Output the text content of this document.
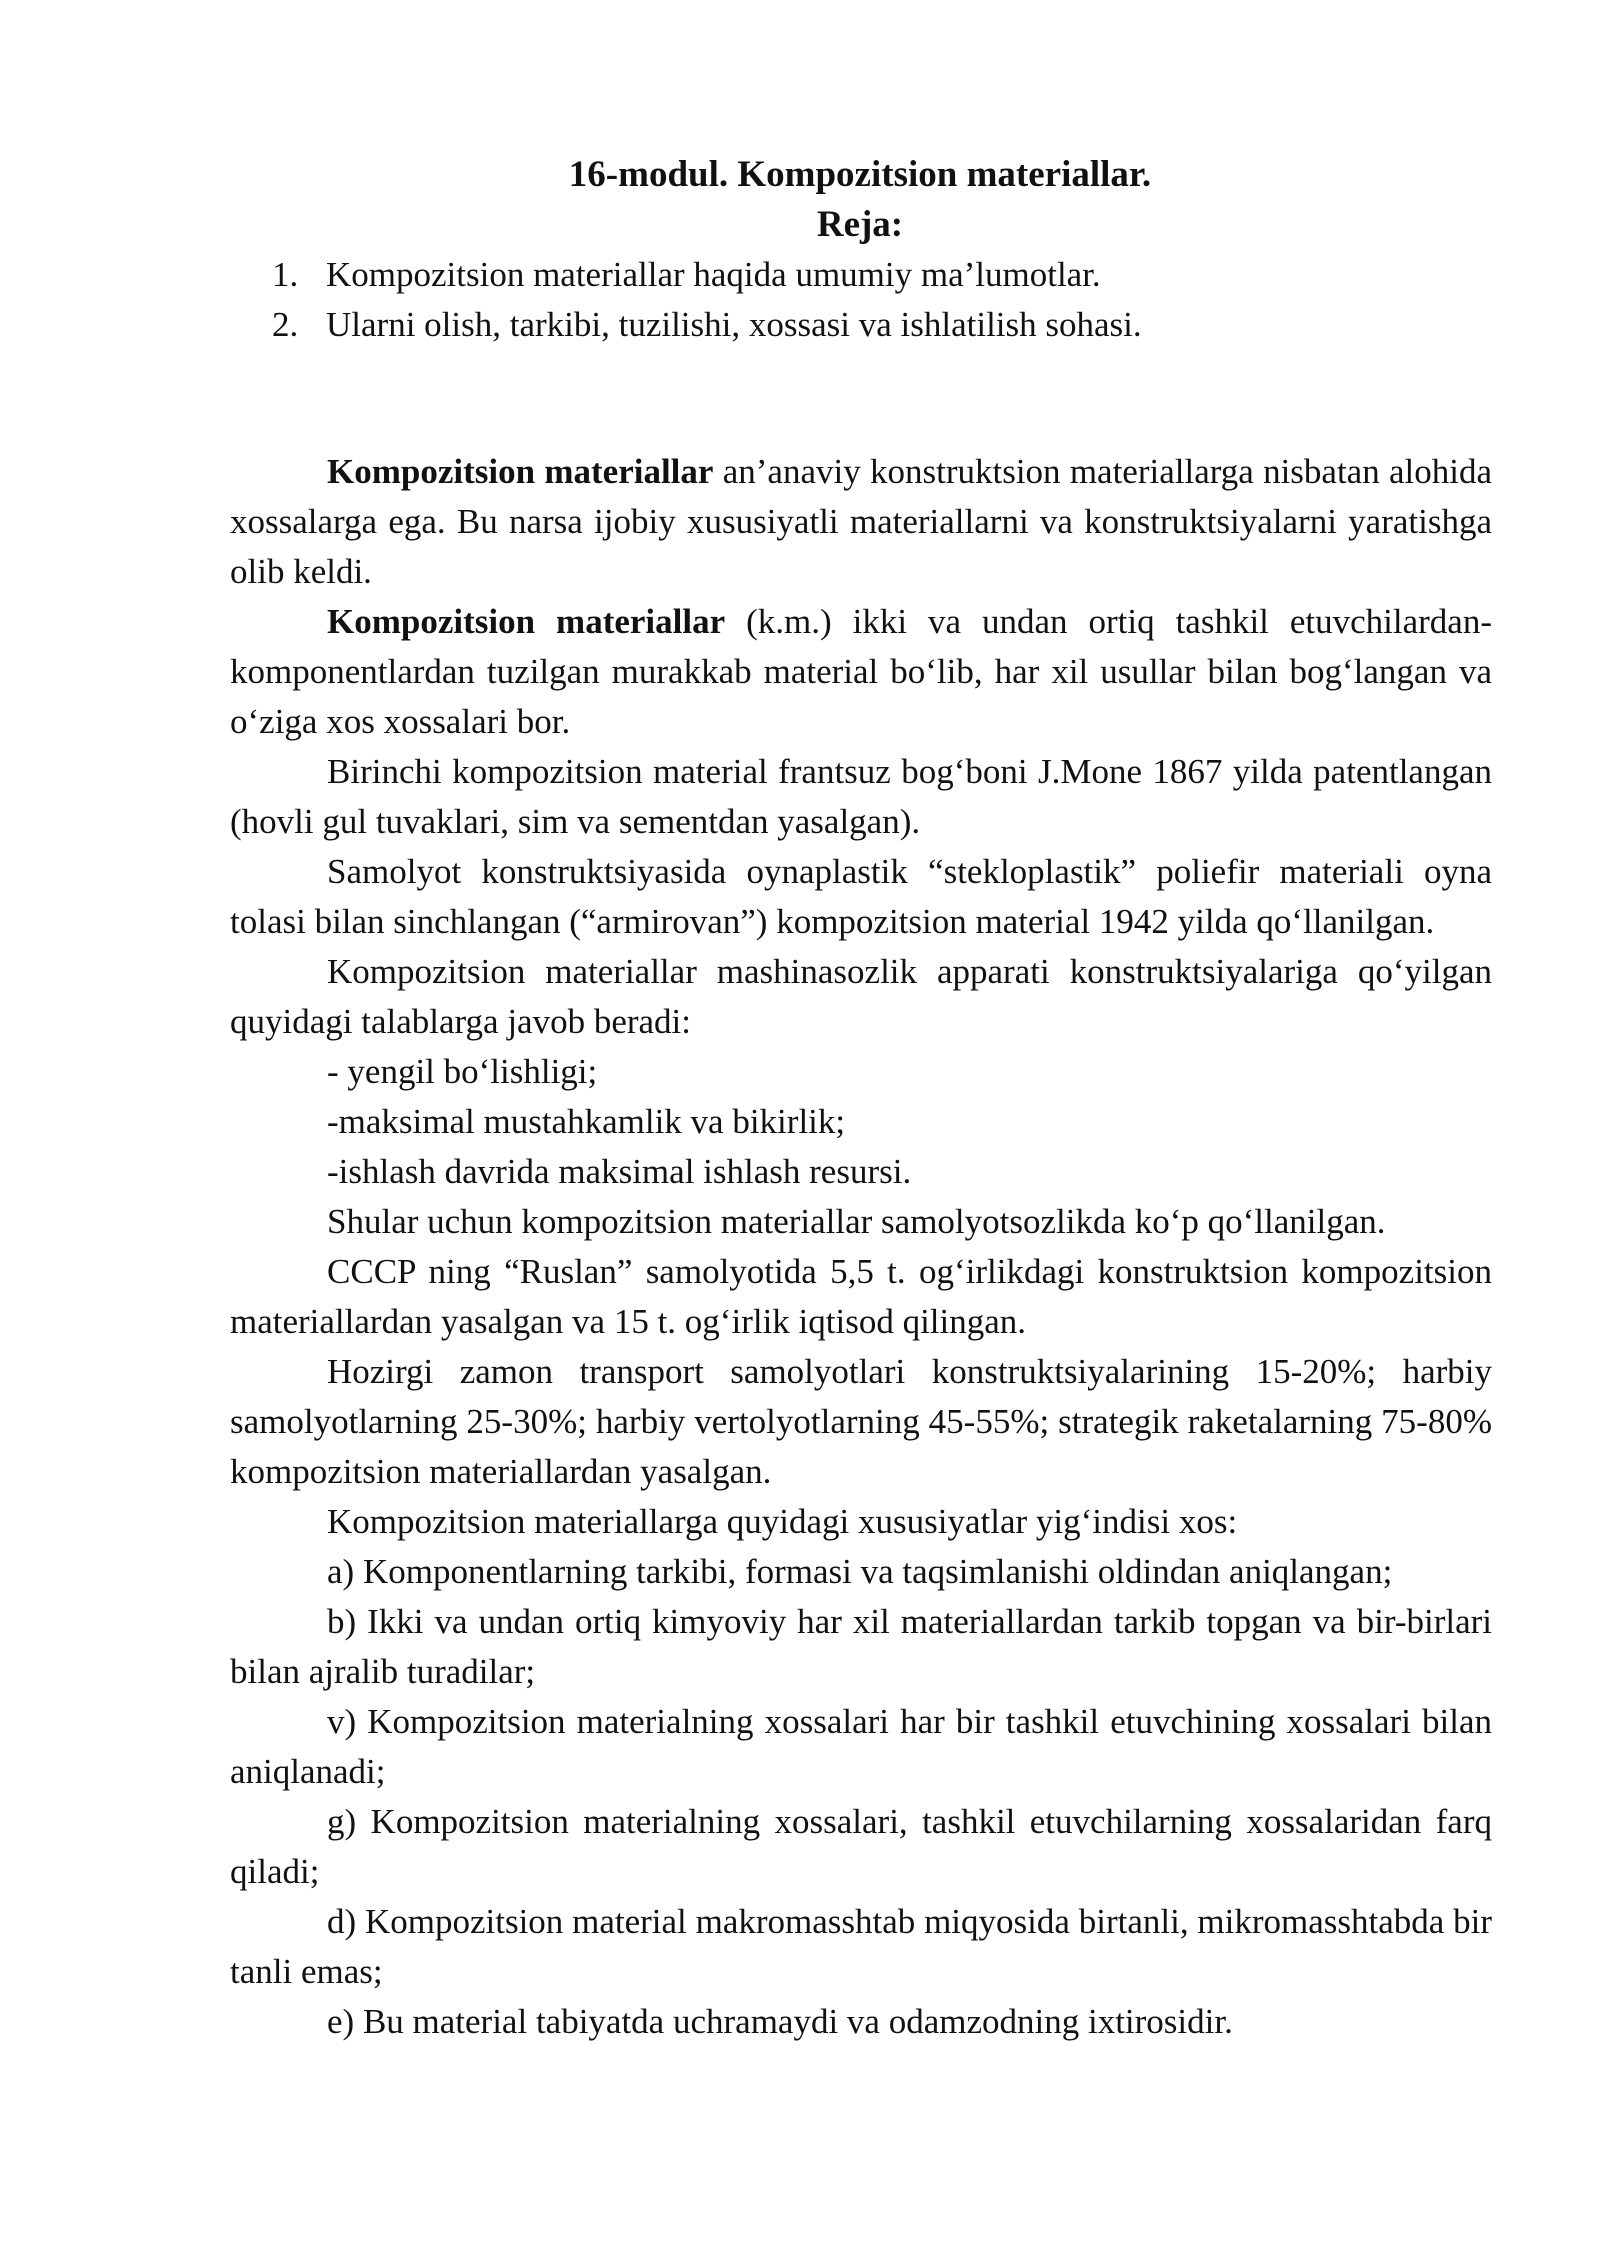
16-modul. Kompozitsion materiallar.
Reja:
1. Kompozitsion materiallar haqida umumiy ma’lumotlar.
2. Ularni olish, tarkibi, tuzilishi, xossasi va ishlatilish sohasi.

Kompozitsion materiallar an’anaviy konstruktsion materiallarga nisbatan alohida xossalarga ega. Bu narsa ijobiy xususiyatli materiallarni va konstruktsiyalarni yaratishga olib keldi.

Kompozitsion materiallar (k.m.) ikki va undan ortiq tashkil etuvchilardan-komponentlardan tuzilgan murakkab material bo‘lib, har xil usullar bilan bog‘langan va o‘ziga xos xossalari bor.

Birinchi kompozitsion material frantsuz bog‘boni J.Mone 1867 yilda patentlangan (hovli gul tuvaklari, sim va sementdan yasalgan).

Samolyot konstruktsiyasida oynaplastik “stekloplastik” poliefir materiali oyna tolasi bilan sinchlangan (“armirovan”) kompozitsion material 1942 yilda qo‘llanilgan.

Kompozitsion materiallar mashinasozlik apparati konstruktsiyalariga qo‘yilgan quyidagi talablarga javob beradi:

- yengil bo‘lishligi;

-maksimal mustahkamlik va bikirlik;

-ishlash davrida maksimal ishlash resursi.

Shular uchun kompozitsion materiallar samolyotsozlikda ko‘p qo‘llanilgan.

CCCP ning “Ruslan” samolyotida 5,5 t. og‘irlikdagi konstruktsion kompozitsion materiallardan yasalgan va 15 t. og‘irlik iqtisod qilingan.

Hozirgi zamon transport samolyotlari konstruktsiyalarining 15-20%; harbiy samolyotlarning 25-30%; harbiy vertolyotlarning 45-55%; strategik raketalarning 75-80% kompozitsion materiallardan yasalgan.

Kompozitsion materiallarga quyidagi xususiyatlar yig‘indisi xos:

a) Komponentlarning tarkibi, formasi va taqsimlanishi oldindan aniqlangan;

b) Ikki va undan ortiq kimyoviy har xil materiallardan tarkib topgan va bir-birlari bilan ajralib turadilar;

v) Kompozitsion materialning xossalari har bir tashkil etuvchining xossalari bilan aniqlanadi;

g) Kompozitsion materialning xossalari, tashkil etuvchilarning xossalaridan farq qiladi;

d) Kompozitsion material makromasshtab miqyosida birtanli, mikromasshtabda bir tanli emas;

e) Bu material tabiyatda uchramaydi va odamzodning ixtirosidir.
